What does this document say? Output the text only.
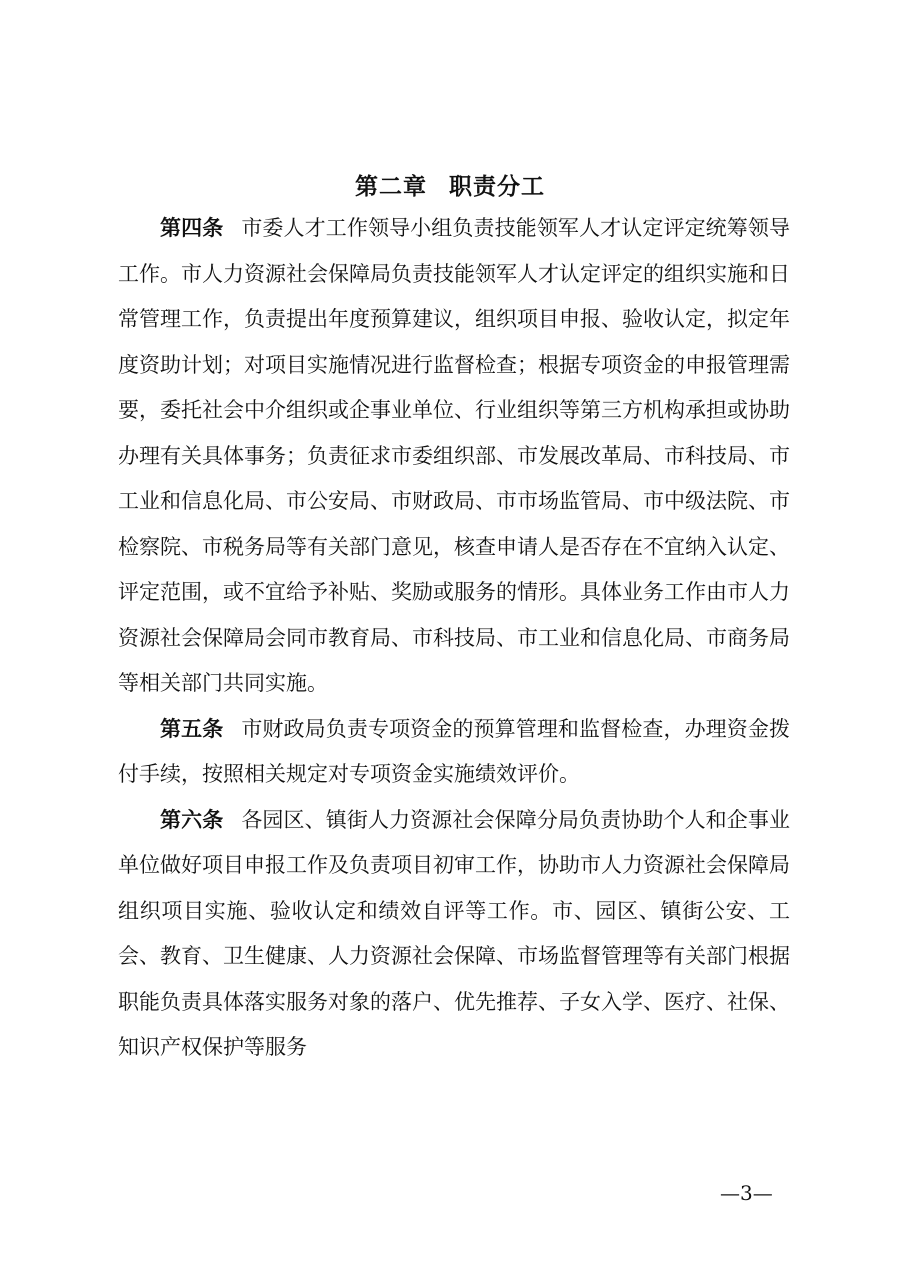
第二章 职责分工

第四条 市委人才工作领导小组负责技能领军人才认定评定统筹领导工作。市人力资源社会保障局负责技能领军人才认定评定的组织实施和日常管理工作，负责提出年度预算建议，组织项目申报、验收认定，拟定年度资助计划；对项目实施情况进行监督检查；根据专项资金的申报管理需要，委托社会中介组织或企事业单位、行业组织等第三方机构承担或协助办理有关具体事务；负责征求市委组织部、市发展改革局、市科技局、市工业和信息化局、市公安局、市财政局、市市场监管局、市中级法院、市检察院、市税务局等有关部门意见，核查申请人是否存在不宜纳入认定、评定范围，或不宜给予补贴、奖励或服务的情形。具体业务工作由市人力资源社会保障局会同市教育局、市科技局、市工业和信息化局、市商务局等相关部门共同实施。

第五条 市财政局负责专项资金的预算管理和监督检查，办理资金拨付手续，按照相关规定对专项资金实施绩效评价。

第六条 各园区、镇街人力资源社会保障分局负责协助个人和企事业单位做好项目申报工作及负责项目初审工作，协助市人力资源社会保障局组织项目实施、验收认定和绩效自评等工作。市、园区、镇街公安、工会、教育、卫生健康、人力资源社会保障、市场监督管理等有关部门根据职能负责具体落实服务对象的落户、优先推荐、子女入学、医疗、社保、知识产权保护等服务

—3—
